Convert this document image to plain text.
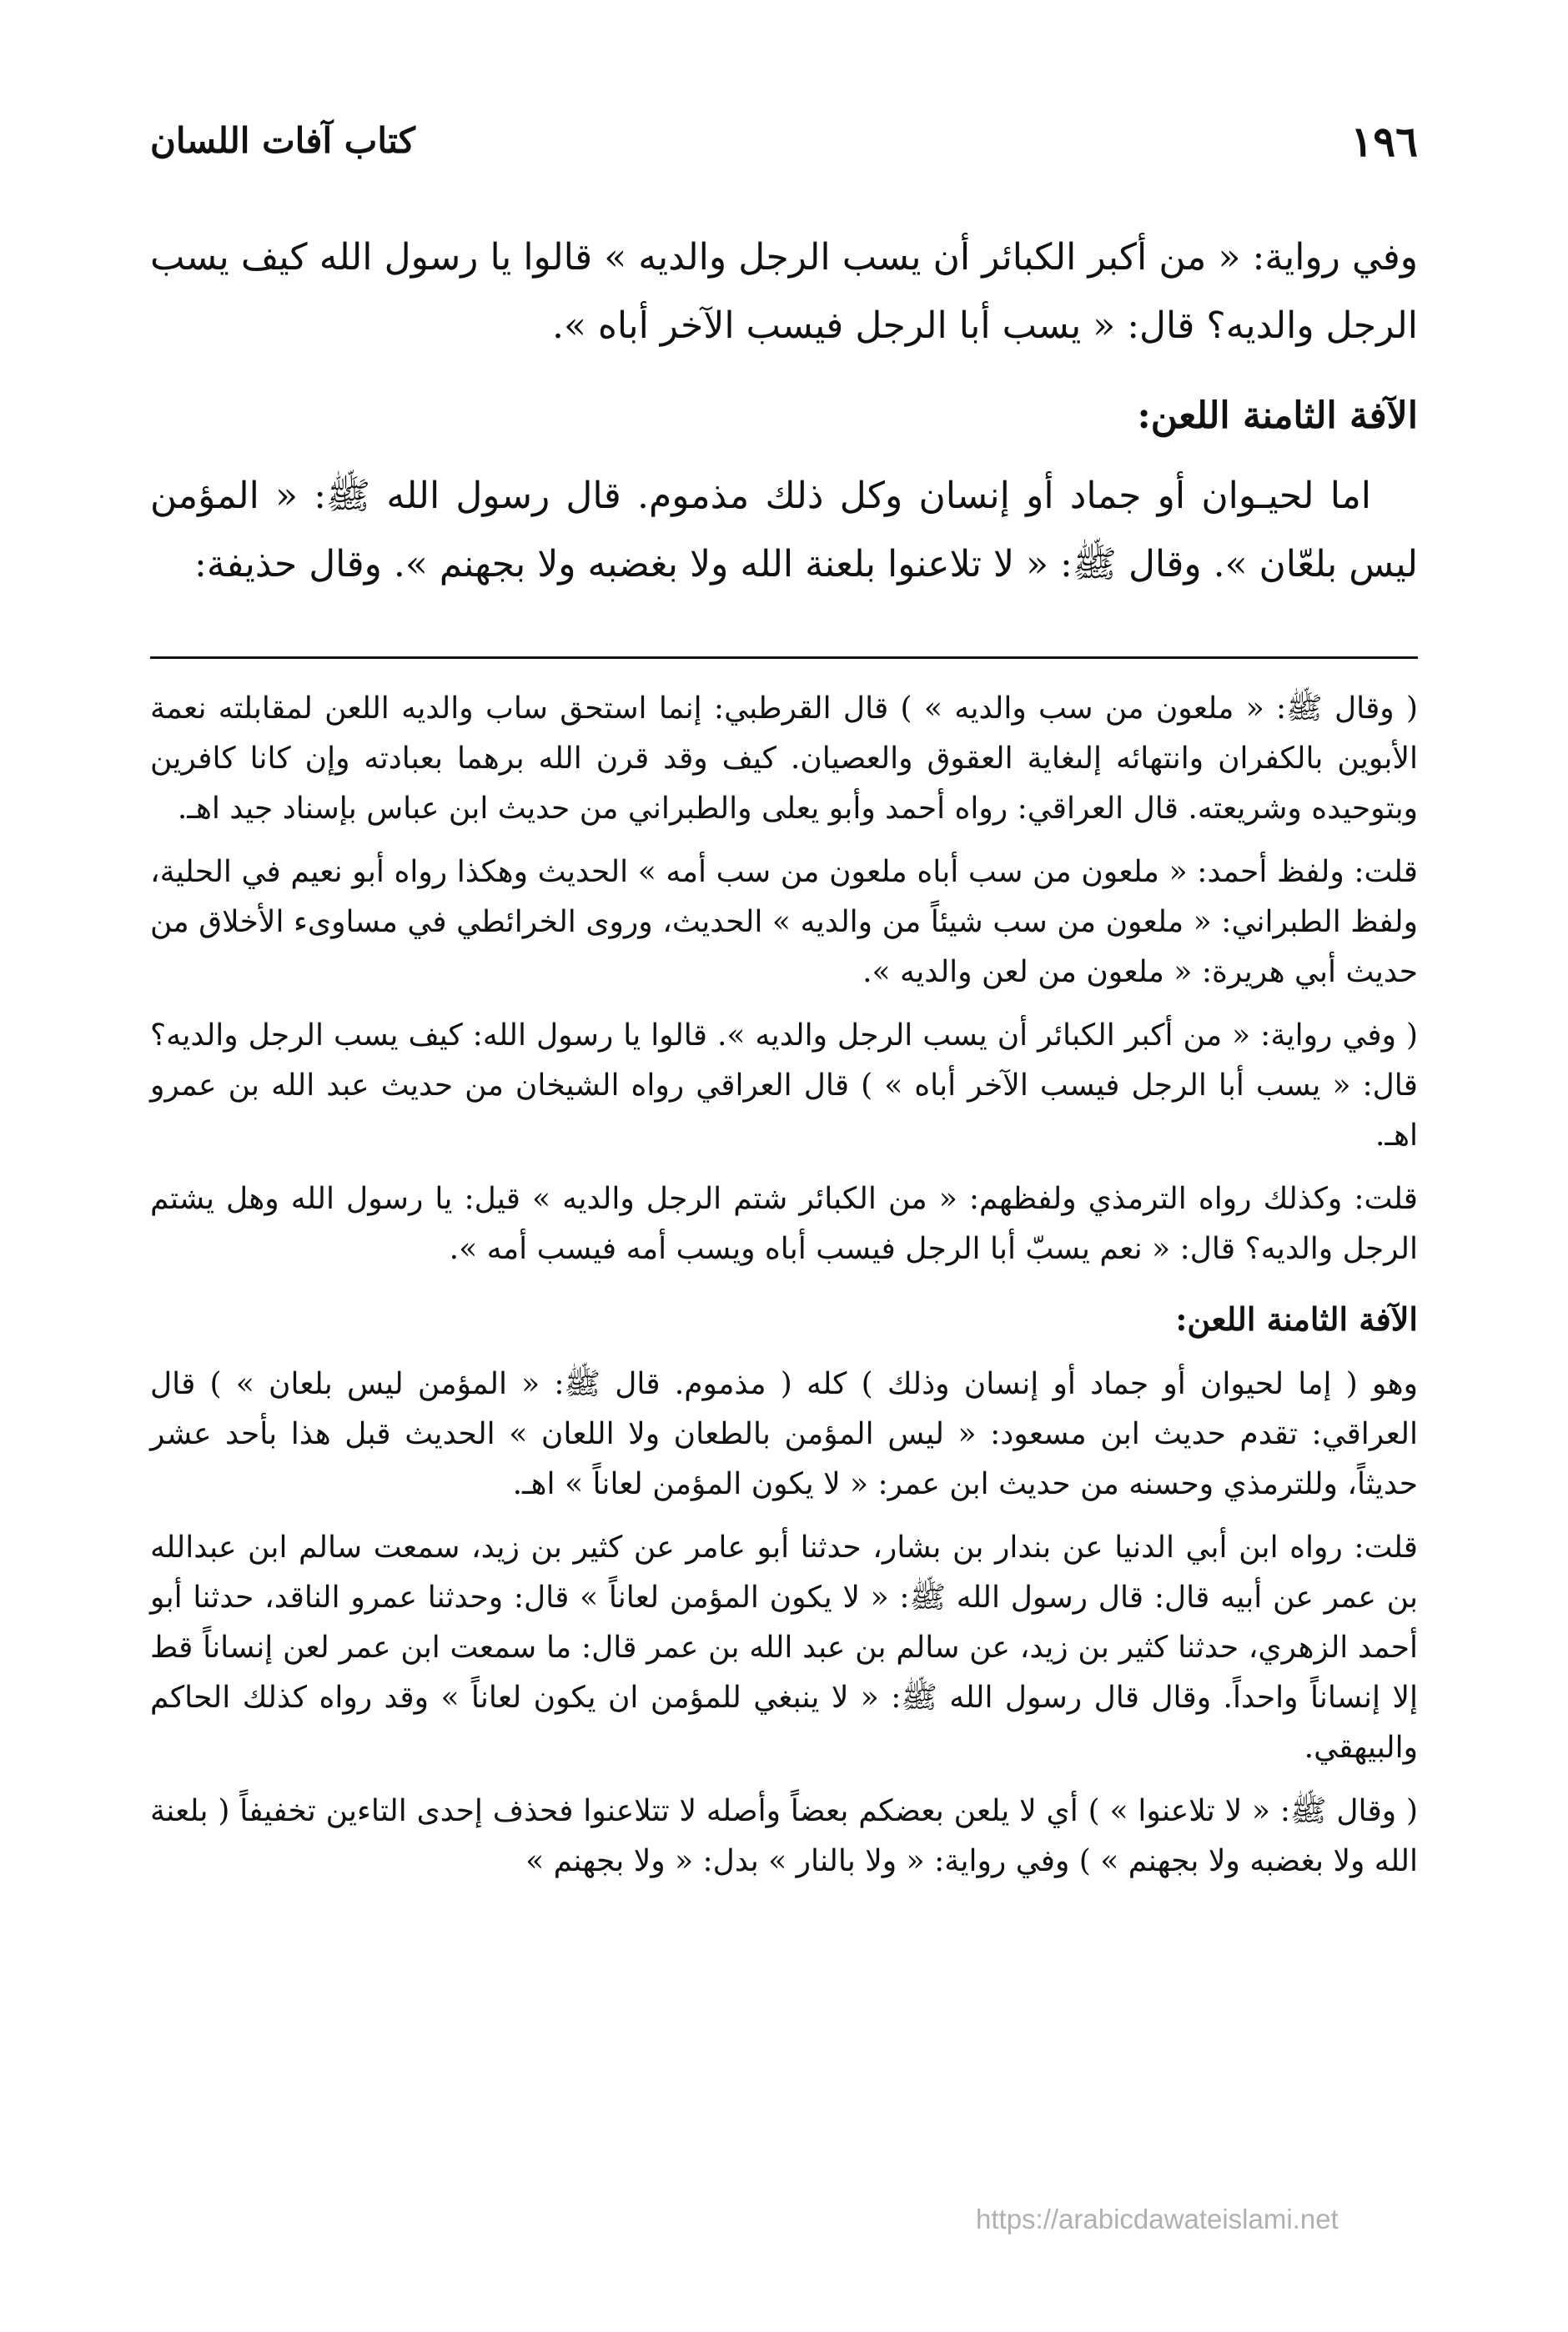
١٩٦
كتاب آفات اللسان

وفي رواية: « من أكبر الكبائر أن يسب الرجل والديه » قالوا يا رسول الله كيف يسب الرجل والديه؟ قال: « يسب أبا الرجل فيسب الآخر أباه ».

الآفة الثامنة اللعن:

اما لحيـوان أو جماد أو إنسان وكل ذلك مذموم. قال رسول الله ﷺ: « المؤمن ليس بلعّان ». وقال ﷺ: « لا تلاعنوا بلعنة الله ولا بغضبه ولا بجهنم ». وقال حذيفة:

( وقال ﷺ: « ملعون من سب والديه » ) قال القرطبي: إنما استحق ساب والديه اللعن لمقابلته نعمة الأبوين بالكفران وانتهائه إلىغاية العقوق والعصيان. كيف وقد قرن الله برهما بعبادته وإن كانا كافرين وبتوحيده وشريعته. قال العراقي: رواه أحمد وأبو يعلى والطبراني من حديث ابن عباس بإسناد جيد اهـ.

قلت: ولفظ أحمد: « ملعون من سب أباه ملعون من سب أمه » الحديث وهكذا رواه أبو نعيم في الحلية، ولفظ الطبراني: « ملعون من سب شيئاً من والديه » الحديث، وروى الخرائطي في مساوىء الأخلاق من حديث أبي هريرة: « ملعون من لعن والديه ».

( وفي رواية: « من أكبر الكبائر أن يسب الرجل والديه ». قالوا يا رسول الله: كيف يسب الرجل والديه؟ قال: « يسب أبا الرجل فيسب الآخر أباه » ) قال العراقي رواه الشيخان من حديث عبد الله بن عمرو اهـ.

قلت: وكذلك رواه الترمذي ولفظهم: « من الكبائر شتم الرجل والديه » قيل: يا رسول الله وهل يشتم الرجل والديه؟ قال: « نعم يسبّ أبا الرجل فيسب أباه ويسب أمه فيسب أمه ».

الآفة الثامنة اللعن:

وهو ( إما لحيوان أو جماد أو إنسان وذلك ) كله ( مذموم. قال ﷺ: « المؤمن ليس بلعان » ) قال العراقي: تقدم حديث ابن مسعود: « ليس المؤمن بالطعان ولا اللعان » الحديث قبل هذا بأحد عشر حديثاً، وللترمذي وحسنه من حديث ابن عمر: « لا يكون المؤمن لعاناً » اهـ.

قلت: رواه ابن أبي الدنيا عن بندار بن بشار، حدثنا أبو عامر عن كثير بن زيد، سمعت سالم ابن عبدالله بن عمر عن أبيه قال: قال رسول الله ﷺ: « لا يكون المؤمن لعاناً » قال: وحدثنا عمرو الناقد، حدثنا أبو أحمد الزهري، حدثنا كثير بن زيد، عن سالم بن عبد الله بن عمر قال: ما سمعت ابن عمر لعن إنساناً قط إلا إنساناً واحداً. وقال قال رسول الله ﷺ: « لا ينبغي للمؤمن ان يكون لعاناً » وقد رواه كذلك الحاكم والبيهقي.

( وقال ﷺ: « لا تلاعنوا » ) أي لا يلعن بعضكم بعضاً وأصله لا تتلاعنوا فحذف إحدى التاءين تخفيفاً ( بلعنة الله ولا بغضبه ولا بجهنم » ) وفي رواية: « ولا بالنار » بدل: « ولا بجهنم »

https://arabicdawateislami.net
